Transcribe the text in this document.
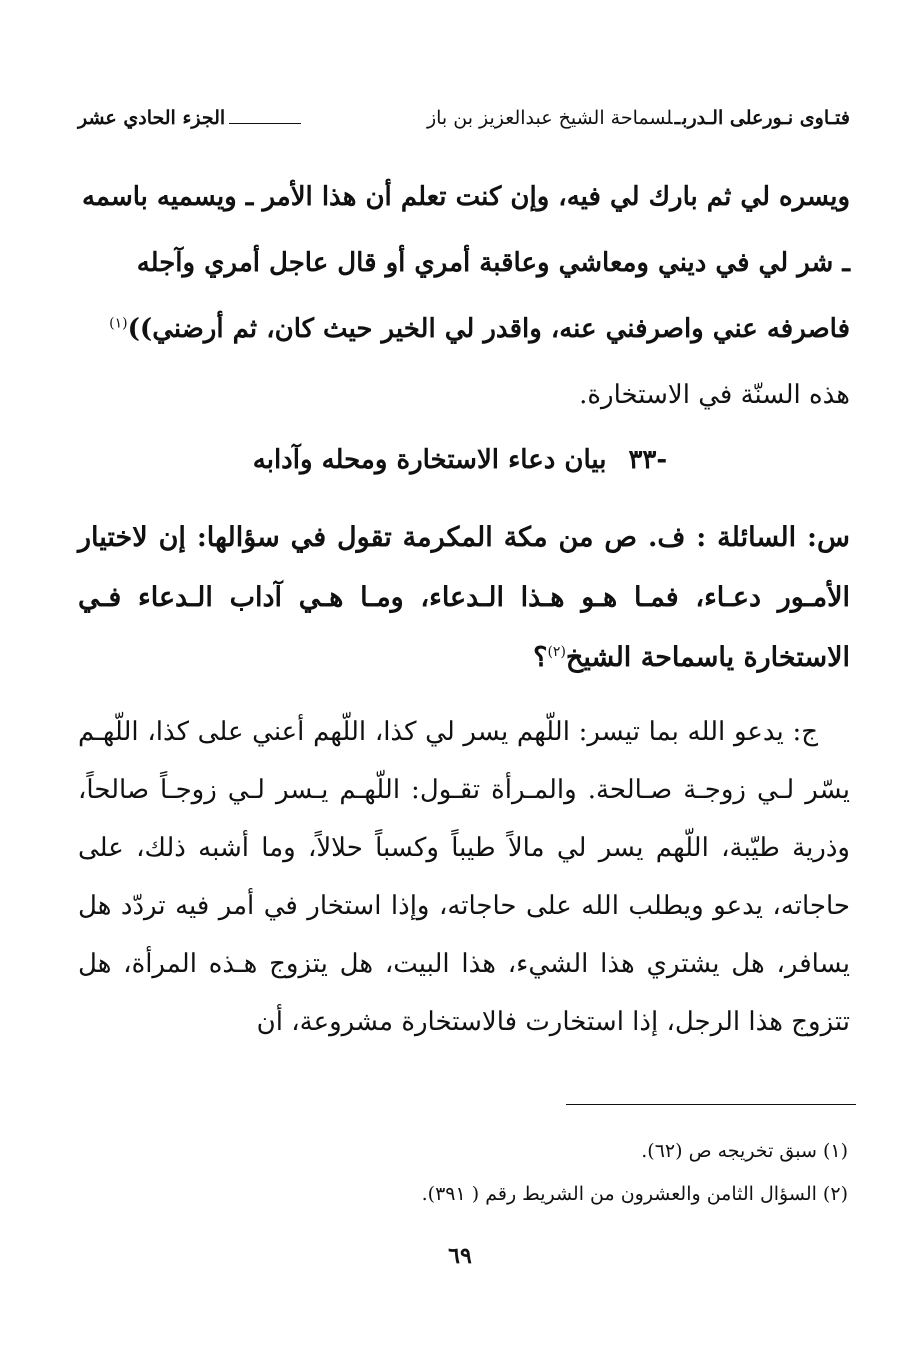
فتـاوى نـورعلى الـدربـلسماحة الشيخ عبدالعزيز بن باز
الجزء الحادي عشر
ويسره لي ثم بارك لي فيه، وإن كنت تعلم أن هذا الأمر ـ ويسميه باسمه
ـ شر لي في ديني ومعاشي وعاقبة أمري أو قال عاجل أمري وآجله
فاصرفه عني واصرفني عنه، واقدر لي الخير حيث كان، ثم أرضني))$^{(١)}$
هذه السنّة في الاستخارة.
-٣٣بيان دعاء الاستخارة ومحله وآدابه
س: السائلة : ف. ص من مكة المكرمة تقول في سؤالها: إن لاختيار الأمـور دعـاء، فمـا هـو هـذا الـدعاء، ومـا هـي آداب الـدعاء فـي الاستخارة ياسماحة الشيخ$^{(٢)}$؟
ج: يدعو الله بما تيسر: اللّهم يسر لي كذا، اللّهم أعني على كذا، اللّهـم يسّر لـي زوجـة صـالحة. والمـرأة تقـول: اللّهـم يـسر لـي زوجـاً صالحاً، وذرية طيّبة، اللّهم يسر لي مالاً طيباً وكسباً حلالاً، وما أشبه ذلك، على حاجاته، يدعو ويطلب الله على حاجاته، وإذا استخار في أمر فيه تردّد هل يسافر، هل يشتري هذا الشيء، هذا البيت، هل يتزوج هـذه المرأة، هل تتزوج هذا الرجل، إذا استخارت فالاستخارة مشروعة، أن
(١) سبق تخريجه ص (٦٢).
(٢) السؤال الثامن والعشرون من الشريط رقم ( ٣٩١).
٦٩
